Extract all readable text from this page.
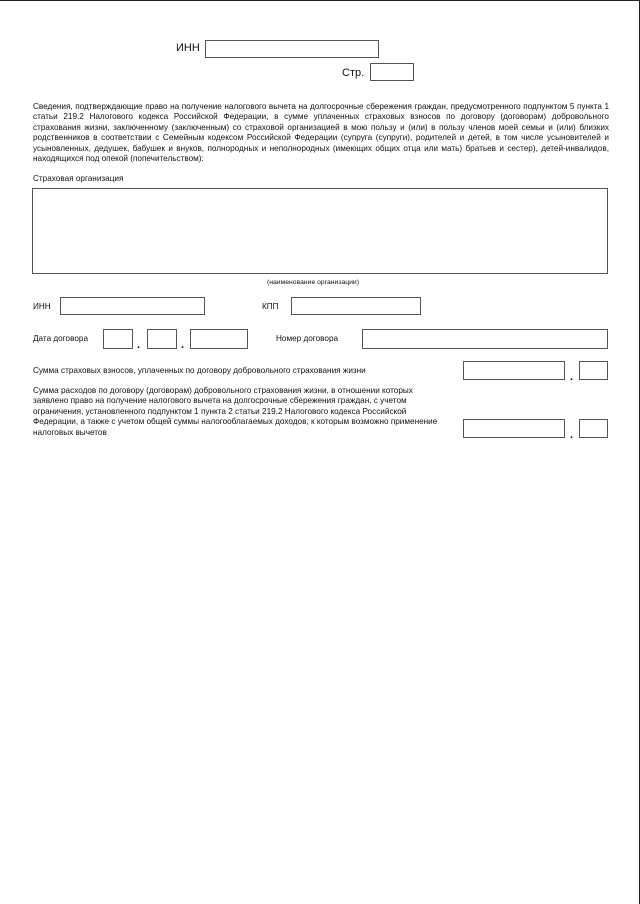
ИНН
Стр.
Сведения, подтверждающие право на получение налогового вычета на долгосрочные сбережения граждан, предусмотренного подпунктом 5 пункта 1 статьи 219.2 Налогового кодекса Российской Федерации, в сумме уплаченных страховых взносов по договору (договорам) добровольного страхования жизни, заключенному (заключенным) со страховой организацией в мою пользу и (или) в пользу членов моей семьи и (или) близких родственников в соответствии с Семейным кодексом Российской Федерации (супруга (супруги), родителей и детей, в том числе усыновителей и усыновленных, дедушек, бабушек и внуков, полнородных и неполнородных (имеющих общих отца или мать) братьев и сестер), детей-инвалидов, находящихся под опекой (попечительством):
Страховая организация
(наименование организации)
ИНН	КПП
Дата договора
.	.
Номер договора
Сумма страховых взносов, уплаченных по договору добровольного страхования жизни
.
Сумма расходов по договору (договорам) добровольного страхования жизни, в отношении которых заявлено право на получение налогового вычета на долгосрочные сбережения граждан, с учетом ограничения, установленного подпунктом 1 пункта 2 статьи 219.2 Налогового кодекса Российской Федерации, а также с учетом общей суммы налогооблагаемых доходов, к которым возможно применение налоговых вычетов	.
